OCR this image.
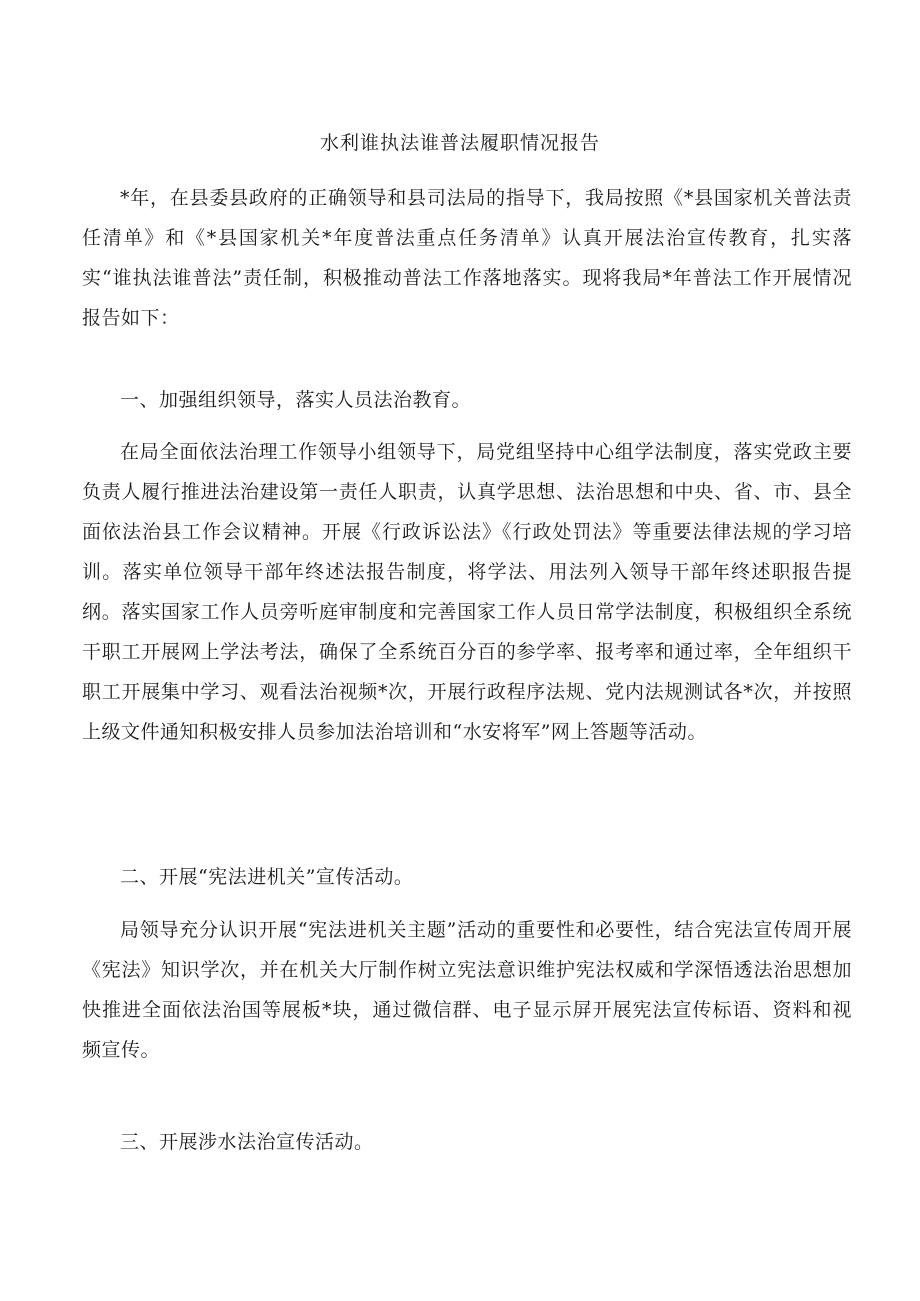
水利谁执法谁普法履职情况报告
*年，在县委县政府的正确领导和县司法局的指导下，我局按照《*县国家机关普法责任清单》和《*县国家机关*年度普法重点任务清单》认真开展法治宣传教育，扎实落实“谁执法谁普法”责任制，积极推动普法工作落地落实。现将我局*年普法工作开展情况报告如下：
一、加强组织领导，落实人员法治教育。
在局全面依法治理工作领导小组领导下，局党组坚持中心组学法制度，落实党政主要负责人履行推进法治建设第一责任人职责，认真学思想、法治思想和中央、省、市、县全面依法治县工作会议精神。开展《行政诉讼法》《行政处罚法》等重要法律法规的学习培训。落实单位领导干部年终述法报告制度，将学法、用法列入领导干部年终述职报告提纲。落实国家工作人员旁听庭审制度和完善国家工作人员日常学法制度，积极组织全系统干职工开展网上学法考法，确保了全系统百分百的参学率、报考率和通过率，全年组织干职工开展集中学习、观看法治视频*次，开展行政程序法规、党内法规测试各*次，并按照上级文件通知积极安排人员参加法治培训和“水安将军”网上答题等活动。
二、开展“宪法进机关”宣传活动。
局领导充分认识开展“宪法进机关主题”活动的重要性和必要性，结合宪法宣传周开展《宪法》知识学次，并在机关大厅制作树立宪法意识维护宪法权威和学深悟透法治思想加快推进全面依法治国等展板*块，通过微信群、电子显示屏开展宪法宣传标语、资料和视频宣传。
三、开展涉水法治宣传活动。
